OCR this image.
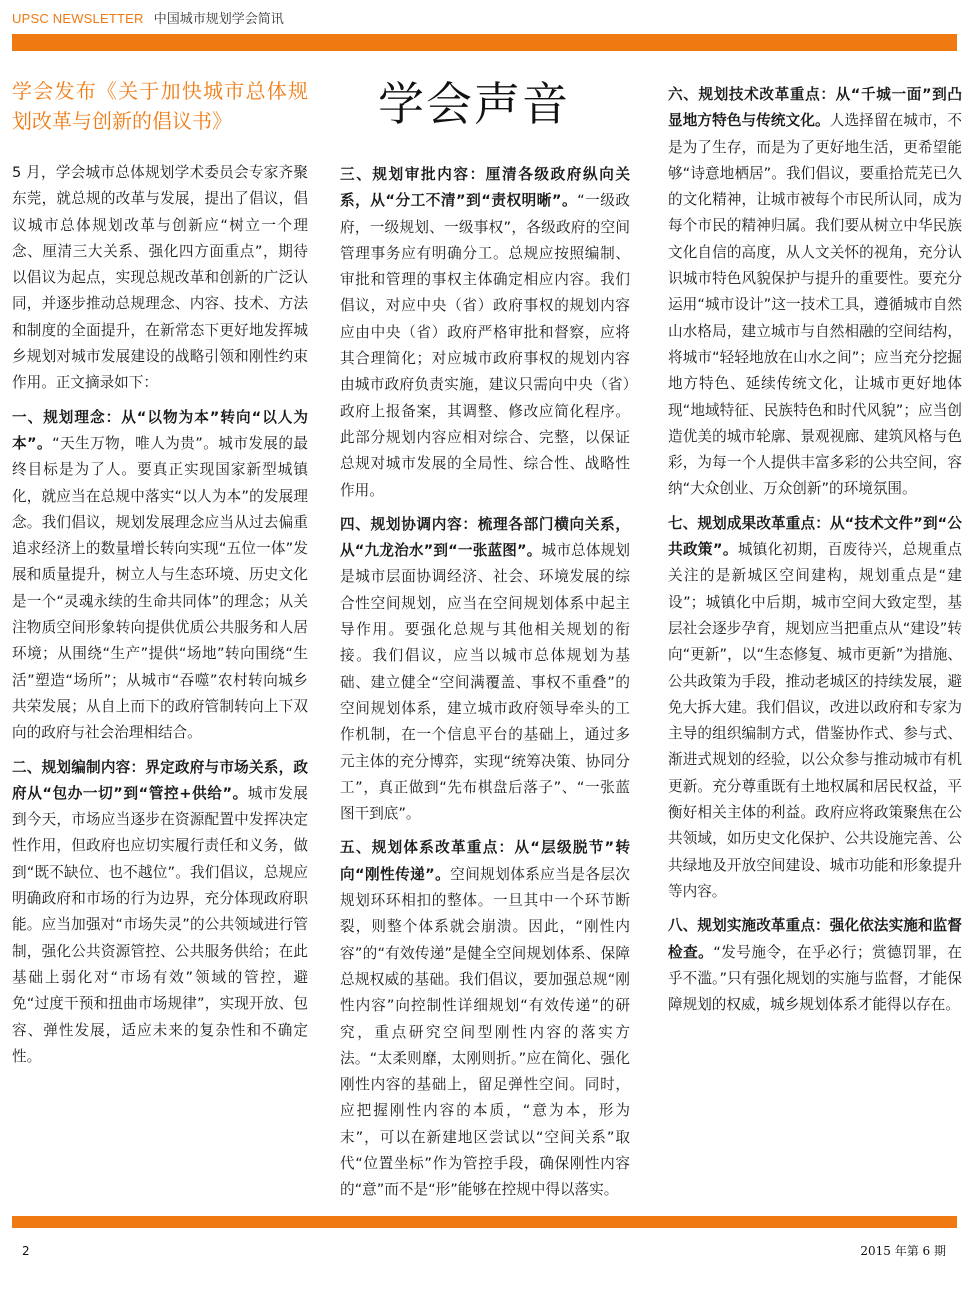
UPSC NEWSLETTER 中国城市规划学会简讯
学会声音
学会发布《关于加快城市总体规划改革与创新的倡议书》

5 月，学会城市总体规划学术委员会专家齐聚东莞，就总规的改革与发展，提出了倡议，倡议城市总体规划改革与创新应“树立一个理念、厘清三大关系、强化四方面重点”，期待以倡议为起点，实现总规改革和创新的广泛认同，并逐步推动总规理念、内容、技术、方法和制度的全面提升，在新常态下更好地发挥城乡规划对城市发展建设的战略引领和刚性约束作用。正文摘录如下：

一、规划理念：从“以物为本”转向“以人为本”。“天生万物，唯人为贵”。城市发展的最终目标是为了人。要真正实现国家新型城镇化，就应当在总规中落实“以人为本”的发展理念。我们倡议，规划发展理念应当从过去偏重追求经济上的数量增长转向实现“五位一体”发展和质量提升，树立人与生态环境、历史文化是一个“灵魂永续的生命共同体”的理念；从关注物质空间形象转向提供优质公共服务和人居环境；从围绕“生产”提供“场地”转向围绕“生活”塑造“场所”；从城市“吞噬”农村转向城乡共荣发展；从自上而下的政府管制转向上下双向的政府与社会治理相结合。

二、规划编制内容：界定政府与市场关系，政府从“包办一切”到“管控+供给”。城市发展到今天，市场应当逐步在资源配置中发挥决定性作用，但政府也应切实履行责任和义务，做到“既不缺位、也不越位”。我们倡议，总规应明确政府和市场的行为边界，充分体现政府职能。应当加强对“市场失灵”的公共领域进行管制，强化公共资源管控、公共服务供给；在此基础上弱化对“市场有效”领域的管控，避免“过度干预和扭曲市场规律”，实现开放、包容、弹性发展，适应未来的复杂性和不确定性。

三、规划审批内容：厘清各级政府纵向关系，从“分工不清”到“责权明晰”。“一级政府，一级规划、一级事权”，各级政府的空间管理事务应有明确分工。总规应按照编制、审批和管理的事权主体确定相应内容。我们倡议，对应中央（省）政府事权的规划内容应由中央（省）政府严格审批和督察，应将其合理简化；对应城市政府事权的规划内容由城市政府负责实施，建议只需向中央（省）政府上报备案，其调整、修改应简化程序。此部分规划内容应相对综合、完整，以保证总规对城市发展的全局性、综合性、战略性作用。

四、规划协调内容：梳理各部门横向关系，从“九龙治水”到“一张蓝图”。城市总体规划是城市层面协调经济、社会、环境发展的综合性空间规划，应当在空间规划体系中起主导作用。要强化总规与其他相关规划的衔接。我们倡议，应当以城市总体规划为基础、建立健全“空间满覆盖、事权不重叠”的空间规划体系，建立城市政府领导牵头的工作机制，在一个信息平台的基础上，通过多元主体的充分博弈，实现“统筹决策、协同分工”，真正做到“先布棋盘后落子”、“一张蓝图干到底”。

五、规划体系改革重点：从“层级脱节”转向“刚性传递”。空间规划体系应当是各层次规划环环相扣的整体。一旦其中一个环节断裂，则整个体系就会崩溃。因此，“刚性内容”的“有效传递”是健全空间规划体系、保障总规权威的基础。我们倡议，要加强总规“刚性内容”向控制性详细规划“有效传递”的研究，重点研究空间型刚性内容的落实方法。“太柔则靡，太刚则折。”应在简化、强化刚性内容的基础上，留足弹性空间。同时，应把握刚性内容的本质，“意为本，形为末”，可以在新建地区尝试以“空间关系”取代“位置坐标”作为管控手段，确保刚性内容的“意”而不是“形”能够在控规中得以落实。

六、规划技术改革重点：从“千城一面”到凸显地方特色与传统文化。人选择留在城市，不是为了生存，而是为了更好地生活，更希望能够“诗意地栖居”。我们倡议，要重拾荒芜已久的文化精神，让城市被每个市民所认同，成为每个市民的精神归属。我们要从树立中华民族文化自信的高度，从人文关怀的视角，充分认识城市特色风貌保护与提升的重要性。要充分运用“城市设计”这一技术工具，遵循城市自然山水格局，建立城市与自然相融的空间结构，将城市“轻轻地放在山水之间”；应当充分挖掘地方特色、延续传统文化，让城市更好地体现“地域特征、民族特色和时代风貌”；应当创造优美的城市轮廓、景观视廊、建筑风格与色彩，为每一个人提供丰富多彩的公共空间，容纳“大众创业、万众创新”的环境氛围。

七、规划成果改革重点：从“技术文件”到“公共政策”。城镇化初期，百废待兴，总规重点关注的是新城区空间建构，规划重点是“建设”；城镇化中后期，城市空间大致定型，基层社会逐步孕育，规划应当把重点从“建设”转向“更新”，以“生态修复、城市更新”为措施、公共政策为手段，推动老城区的持续发展，避免大拆大建。我们倡议，改进以政府和专家为主导的组织编制方式，借鉴协作式、参与式、渐进式规划的经验，以公众参与推动城市有机更新。充分尊重既有土地权属和居民权益，平衡好相关主体的利益。政府应将政策聚焦在公共领域，如历史文化保护、公共设施完善、公共绿地及开放空间建设、城市功能和形象提升等内容。

八、规划实施改革重点：强化依法实施和监督检查。“发号施令，在乎必行；赏德罚罪，在乎不滥。”只有强化规划的实施与监督，才能保障规划的权威，城乡规划体系才能得以存在。

2	2015 年第 6 期
